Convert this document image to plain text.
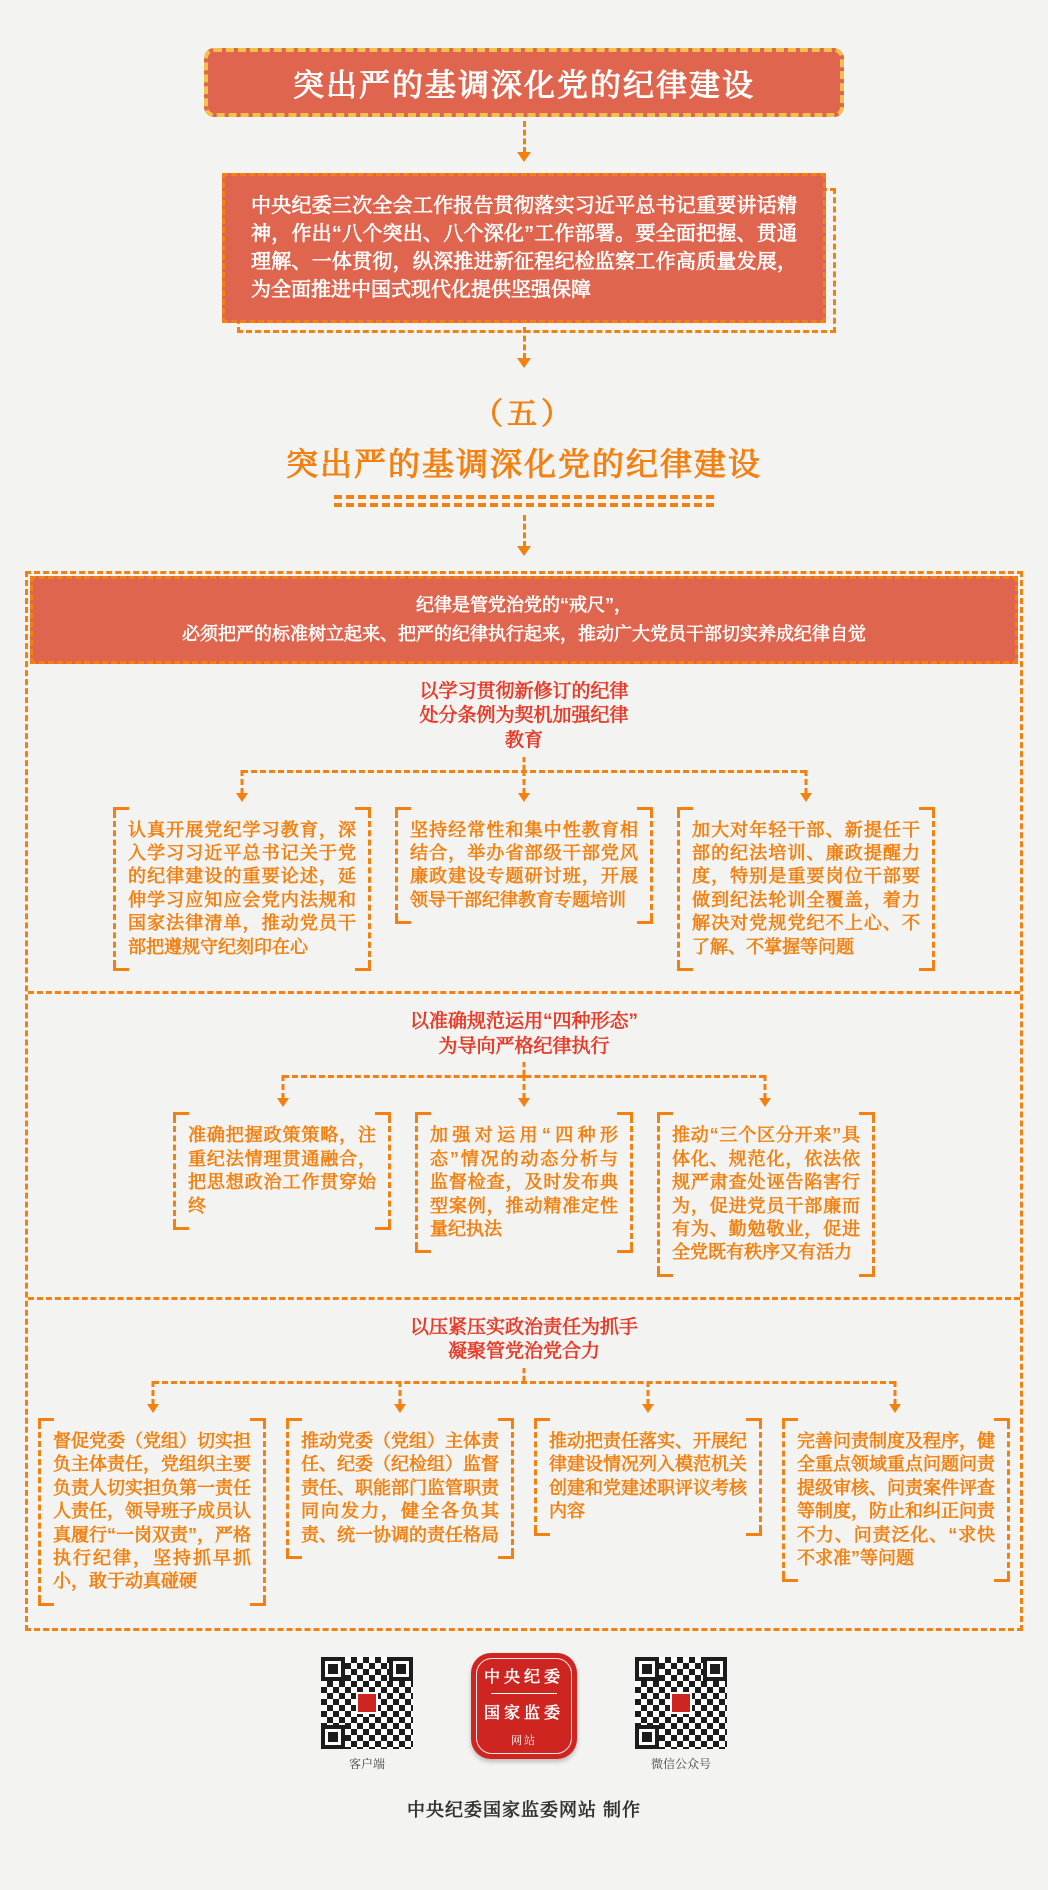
突出严的基调深化党的纪律建设
中央纪委三次全会工作报告贯彻落实习近平总书记重要讲话精神，作出“八个突出、八个深化”工作部署。要全面把握、贯通理解、一体贯彻，纵深推进新征程纪检监察工作高质量发展，为全面推进中国式现代化提供坚强保障
（五）
突出严的基调深化党的纪律建设
纪律是管党治党的“戒尺”，
必须把严的标准树立起来、把严的纪律执行起来，推动广大党员干部切实养成纪律自觉
以学习贯彻新修订的纪律
处分条例为契机加强纪律
教育

认真开展党纪学习教育，深入学习习近平总书记关于党的纪律建设的重要论述，延伸学习应知应会党内法规和国家法律清单，推动党员干部把遵规守纪刻印在心

坚持经常性和集中性教育相结合，举办省部级干部党风廉政建设专题研讨班，开展领导干部纪律教育专题培训

加大对年轻干部、新提任干部的纪法培训、廉政提醒力度，特别是重要岗位干部要做到纪法轮训全覆盖，着力解决对党规党纪不上心、不了解、不掌握等问题

以准确规范运用“四种形态”
为导向严格纪律执行

准确把握政策策略，注重纪法情理贯通融合，把思想政治工作贯穿始终

加强对运用“四种形态”情况的动态分析与监督检查，及时发布典型案例，推动精准定性量纪执法

推动“三个区分开来”具体化、规范化，依法依规严肃查处诬告陷害行为，促进党员干部廉而有为、勤勉敬业，促进全党既有秩序又有活力

以压紧压实政治责任为抓手
凝聚管党治党合力

督促党委（党组）切实担负主体责任，党组织主要负责人切实担负第一责任人责任，领导班子成员认真履行“一岗双责”，严格执行纪律，坚持抓早抓小，敢于动真碰硬

推动党委（党组）主体责任、纪委（纪检组）监督责任、职能部门监管职责同向发力，健全各负其责、统一协调的责任格局

推动把责任落实、开展纪律建设情况列入模范机关创建和党建述职评议考核内容

完善问责制度及程序，健全重点领域重点问题问责提级审核、问责案件评查等制度，防止和纠正问责不力、问责泛化、“求快不求准”等问题

客户端
中央纪委
国家监委
网站
微信公众号
中央纪委国家监委网站 制作
